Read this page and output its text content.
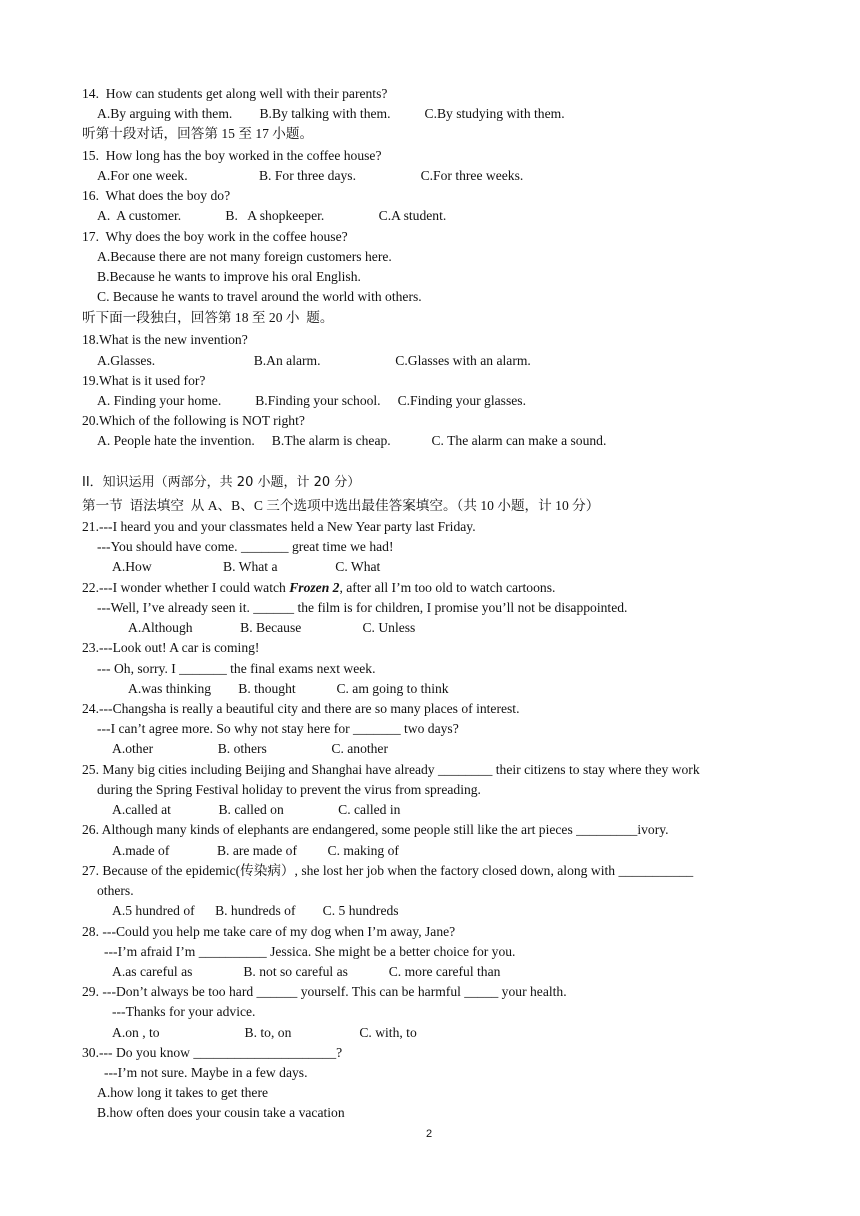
14.  How can students get along well with their parents?
A.By arguing with them.        B.By talking with them.          C.By studying with them.
听第十段对话，回答第 15 至 17 小题。
15.  How long has the boy worked in the coffee house?
A.For one week.                     B. For three days.                   C.For three weeks.
16.  What does the boy do?
A.  A customer.             B.   A shopkeeper.                C.A student.
17.  Why does the boy work in the coffee house?
A.Because there are not many foreign customers here.
B.Because he wants to improve his oral English.
C. Because he wants to travel around the world with others.
听下面一段独白，回答第 18 至 20 小  题。
18.What is the new invention?
A.Glasses.                             B.An alarm.                      C.Glasses with an alarm.
19.What is it used for?
A. Finding your home.          B.Finding your school.     C.Finding your glasses.
20.Which of the following is NOT right?
A. People hate the invention.     B.The alarm is cheap.            C. The alarm can make a sound.
II．知识运用（两部分，共 20 小题，计 20 分）
第一节  语法填空  从 A、B、C 三个选项中选出最佳答案填空。（共 10 小题，计 10 分）
21.---I heard you and your classmates held a New Year party last Friday.
---You should have come. _______ great time we had!
A.How                     B. What a                 C. What
22.---I wonder whether I could watch Frozen 2, after all I’m too old to watch cartoons.
---Well, I’ve already seen it. ______ the film is for children, I promise you’ll not be disappointed.
A.Although              B. Because                  C. Unless
23.---Look out! A car is coming!
--- Oh, sorry. I _______ the final exams next week.
A.was thinking        B. thought            C. am going to think
24.---Changsha is really a beautiful city and there are so many places of interest.
---I can’t agree more. So why not stay here for _______ two days?
A.other                   B. others                   C. another
25. Many big cities including Beijing and Shanghai have already ________ their citizens to stay where they work
during the Spring Festival holiday to prevent the virus from spreading.
A.called at              B. called on                C. called in
26. Although many kinds of elephants are endangered, some people still like the art pieces _________ivory.
A.made of              B. are made of         C. making of
27. Because of the epidemic(传染病）, she lost her job when the factory closed down, along with ___________
others.
A.5 hundred of      B. hundreds of        C. 5 hundreds
28. ---Could you help me take care of my dog when I’m away, Jane?
---I’m afraid I’m __________ Jessica. She might be a better choice for you.
A.as careful as               B. not so careful as            C. more careful than
29. ---Don’t always be too hard ______ yourself. This can be harmful _____ your health.
---Thanks for your advice.
A.on , to                         B. to, on                    C. with, to
30.--- Do you know _____________________?
---I’m not sure. Maybe in a few days.
A.how long it takes to get there
B.how often does your cousin take a vacation
2
